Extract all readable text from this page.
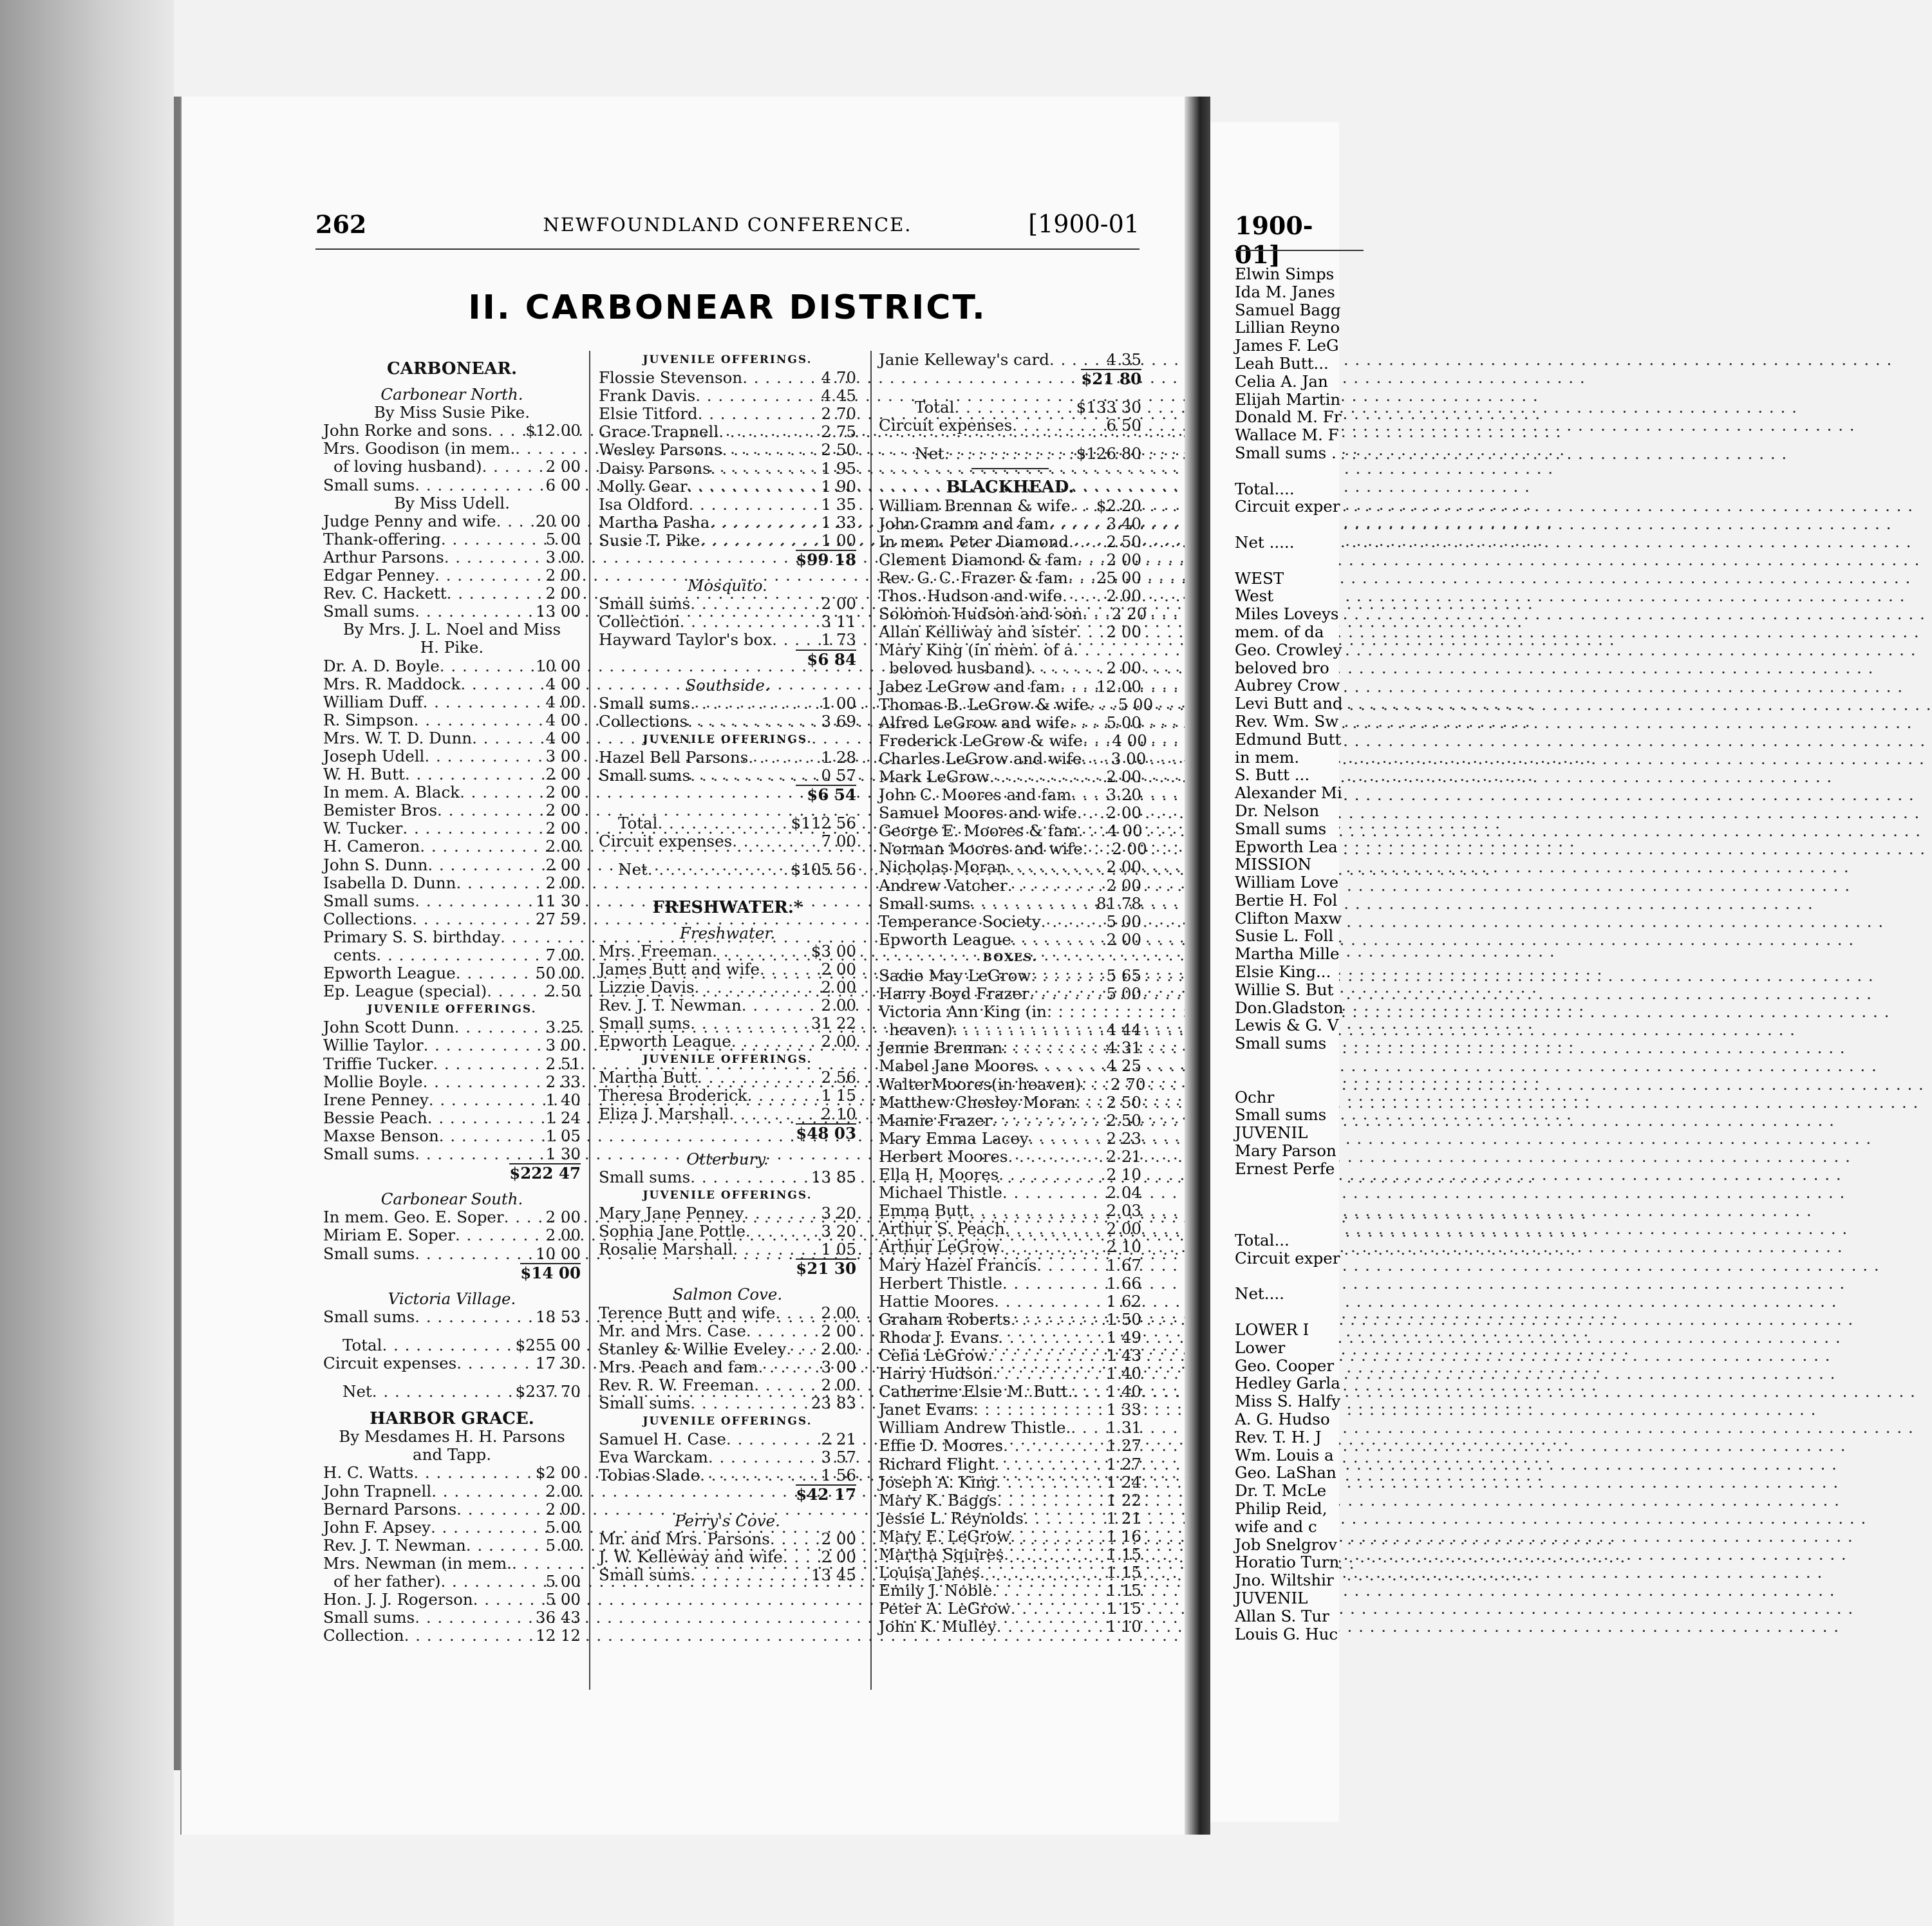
262	NEWFOUNDLAND CONFERENCE.	[1900-01
II. CARBONEAR DISTRICT.
CARBONEAR.
Carbonear North.
By Miss Susie Pike.
John Rorke and sons . . .	$12 00
Mrs. Goodison (in mem.
. . .
of loving husband) . . .	2 00
Small sums . . .	6 00
By Miss Udell.
Judge Penny and wife . . .	20 00
Thank-offering . . .	5 00
Arthur Parsons . . .	3 00
Edgar Penney . . .	2 00
Rev. C. Hackett . . .	2 00
Small sums . . .	13 00
By Mrs. J. L. Noel and Miss
H. Pike.
Dr. A. D. Boyle . . .	10 00
Mrs. R. Maddock . . .	4 00
William Duff . . .	4 00
R. Simpson . . .	4 00
Mrs. W. T. D. Dunn . . .	4 00
Joseph Udell . . .	3 00
W. H. Butt . . .	2 00
In mem. A. Black . . .	2 00
Bemister Bros . . .	2 00
W. Tucker . . .	2 00
H. Cameron . . .	2 00
John S. Dunn . . .	2 00
Isabella D. Dunn . . .	2 00
Small sums . . .	11 30
Collections . . .	27 59
Primary S. S. birthday
. . .
cents . . .	7 00
Epworth League . . .	50 00
Ep. League (special) . . .	2 50
JUVENILE OFFERINGS.
John Scott Dunn . . .	3 25
Willie Taylor . . .	3 00
Triffie Tucker . . .	2 51
Mollie Boyle . . .	2 33
Irene Penney . . .	1 40
Bessie Peach . . .	1 24
Maxse Benson . . .	1 05
Small sums . . .	1 30
$222 47
Carbonear South.
In mem. Geo. E. Soper . . .	2 00
Miriam E. Soper . . .	2 00
Small sums . . .	10 00
$14 00
Victoria Village.
Small sums . . .	18 53
Total . . .	$255 00
Circuit expenses . . .	17 30
Net . . .	$237 70
HARBOR GRACE.
By Mesdames H. H. Parsons
and Tapp.
H. C. Watts . . .	$2 00
John Trapnell . . .	2 00
Bernard Parsons . . .	2 00
John F. Apsey . . .	5 00
Rev. J. T. Newman . . .	5 00
Mrs. Newman (in mem.
. . .
of her father) . . .	5 00
Hon. J. J. Rogerson . . .	5 00
Small sums . . .	36 43
Collection . . .	12 12
JUVENILE OFFERINGS.
Flossie Stevenson . . .	4 70
Frank Davis . . .	4 45
Elsie Titford . . .	2 70
Grace Trapnell . . .	2 75
Wesley Parsons . . .	2 50
Daisy Parsons . . .	1 95
Molly Gear . . .	1 90
Isa Oldford . . .	1 35
Martha Pasha . . .	1 33
Susie T. Pike . . .	1 00
$99 18
Mosquito.
Small sums . . .	2 00
Collection . . .	3 11
Hayward Taylor's box . . .	1 73
$6 84
Southside.
Small sums . . .	1 00
Collections . . .	3 69
JUVENILE OFFERINGS.
Hazel Bell Parsons . . .	1 28
Small sums . . .	0 57
$6 54
Total . . .	$112 56
Circuit expenses . . .	7 00
Net . . .	$105 56
FRESHWATER.*
Freshwater.
Mrs. Freeman . . .	$3 00
James Butt and wife . . .	2 00
Lizzie Davis . . .	2 00
Rev. J. T. Newman . . .	2 00
Small sums . . .	31 22
Epworth League . . .	2 00
JUVENILE OFFERINGS.
Martha Butt . . .	2 56
Theresa Broderick . . .	1 15
Eliza J. Marshall . . .	2 10
$48 03
Otterbury.
Small sums . . .	13 85
JUVENILE OFFERINGS.
Mary Jane Penney . . .	3 20
Sophia Jane Pottle . . .	3 20
Rosalie Marshall . . .	1 05
$21 30
Salmon Cove.
Terence Butt and wife . . .	2 00
Mr. and Mrs. Case . . .	2 00
Stanley & Willie Eveley . . .	2 00
Mrs. Peach and fam . . .	3 00
Rev. R. W. Freeman . . .	2 00
Small sums . . .	23 83
JUVENILE OFFERINGS.
Samuel H. Case . . .	2 21
Eva Warckam . . .	3 57
Tobias Slade . . .	1 56
$42 17
Perry's Cove.
Mr. and Mrs. Parsons . . .	2 00
J. W. Kelleway and wife . . .	2 00
Small sums . . .	13 45
Janie Kelleway's card . . .	4 35
$21 80
Total . . .	$133 30
Circuit expenses . . .	6 50
Net . . .	$126 80
BLACKHEAD.
William Brennan & wife . . .	$2 20
John Cramm and fam . . .	3 40
In mem. Peter Diamond . . .	2 50
Clement Diamond & fam . . .	2 00
Rev. G. C. Frazer & fam . . .	25 00
Thos. Hudson and wife . . .	2 00
Solomon Hudson and son . . .	2 20
Allan Kelliway and sister . . .	2 00
Mary King (in mem. of a
. . .
beloved husband) . . .	2 00
Jabez LeGrow and fam . . .	12 00
Thomas B. LeGrow & wife . . .	5 00
Alfred LeGrow and wife . . .	5 00
Frederick LeGrow & wife . . .	4 00
Charles LeGrow and wife . . .	3 00
Mark LeGrow . . .	2 00
John C. Moores and fam . . .	3 20
Samuel Moores and wife . . .	2 00
George E. Moores & fam . . .	4 00
Norman Moores and wife . . .	2 00
Nicholas Moran . . .	2 00
Andrew Vatcher . . .	2 00
Small sums . . .	81 78
Temperance Society . . .	5 00
Epworth League . . .	2 00
BOXES.
Sadie May LeGrow . . .	5 65
Harry Boyd Frazer . . .	5 00
Victoria Ann King (in
. . .
heaven) . . .	4 44
Jennie Brennan . . .	4 31
Mabel Jane Moores . . .	4 25
WalterMoores(in heaven) . . .	2 70
Matthew Chesley Moran . . .	2 50
Mamie Frazer . . .	2 50
Mary Emma Lacey . . .	2 23
Herbert Moores . . .	2 21
Ella H. Moores . . .	2 10
Michael Thistle . . .	2 04
Emma Butt . . .	2 03
Arthur S. Peach . . .	2 00
Arthur LeGrow . . .	2 10
Mary Hazel Francis . . .	1 67
Herbert Thistle . . .	1 66
Hattie Moores . . .	1 62
Graham Roberts . . .	1 50
Rhoda J. Evans . . .	1 49
Celia LeGrow . . .	1 43
Harry Hudson . . .	1 40
Catherine Elsie M. Butt. . . .	1 40
Janet Evans . . .	1 33
William Andrew Thistle. . . .	1 31
Effie D. Moores . . .	1 27
Richard Flight . . .	1 27
Joseph A. King . . .	1 24
Mary K. Baggs . . .	1 22
Jessie L. Reynolds . . .	1 21
Mary E. LeGrow . . .	1 16
Martha Squires . . .	1 15
Louisa Janes . . .	1 15
Emily J. Noble . . .	1 15
Peter A. LeGrow . . .	1 15
John K. Mulley . . .	1 10
1900-01]
Elwin Simps
Ida M. Janes
Samuel Bagg
Lillian Reyno
James F. LeG
Leah Butt...
Celia A. Jan
Elijah Martin
Donald M. Fr
Wallace M. F
Small sums .
Total....
Circuit exper
Net .....
WEST
West
Miles Loveys
mem. of da
Geo. Crowley
beloved bro
Aubrey Crow
Levi Butt and
Rev. Wm. Sw
Edmund Butt
in mem.
S. Butt ...
Alexander Mi
Dr. Nelson
Small sums
Epworth Lea
MISSION
William Love
Bertie H. Fol
Clifton Maxw
Susie L. Foll
Martha Mille
Elsie King...
Willie S. But
Don.Gladston
Lewis & G. V
Small sums
Ochr
Small sums
JUVENIL
Mary Parson
Ernest Perfe
Total...
Circuit exper
Net....
LOWER I
Lower
Geo. Cooper
Hedley Garla
Miss S. Halfy
A. G. Hudso
Rev. T. H. J
Wm. Louis a
Geo. LaShan
Dr. T. McLe
Philip Reid,
wife and c
Job Snelgrov
Horatio Turn
Jno. Wiltshir
JUVENIL
Allan S. Tur
Louis G. Huc
